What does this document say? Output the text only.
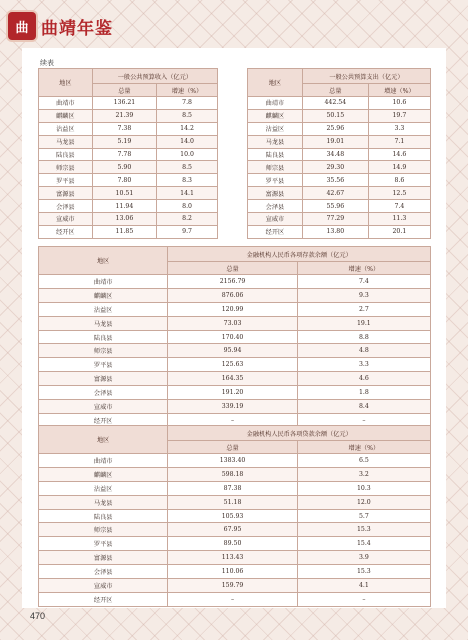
曲 曲靖年鉴
续表
地区	一般公共预算收入（亿元）	
	总量	增速（%）
曲靖市	136.21	7.8
麒麟区	21.39	8.5
沾益区	7.38	14.2
马龙县	5.19	14.0
陆良县	7.78	10.0
师宗县	5.90	8.5
罗平县	7.80	8.3
富源县	10.51	14.1
会泽县	11.94	8.0
宣威市	13.06	8.2
经开区	11.85	9.7
地区	一般公共预算支出（亿元）	
	总量	增速（%）
曲靖市	442.54	10.6
麒麟区	50.15	19.7
沾益区	25.96	3.3
马龙县	19.01	7.1
陆良县	34.48	14.6
师宗县	29.30	14.9
罗平县	35.56	8.6
富源县	42.67	12.5
会泽县	55.96	7.4
宣威市	77.29	11.3
经开区	13.80	20.1
地区	金融机构人民币各项存款余额（亿元）	
	总量	增速（%）
曲靖市	2156.79	7.4
麒麟区	876.06	9.3
沾益区	120.99	2.7
马龙县	73.03	19.1
陆良县	170.40	8.8
师宗县	95.94	4.8
罗平县	125.63	3.3
富源县	164.35	4.6
会泽县	191.20	1.8
宣威市	339.19	8.4
经开区	–	–
地区	金融机构人民币各项贷款余额（亿元）	
	总量	增速（%）
曲靖市	1383.40	6.5
麒麟区	598.18	3.2
沾益区	87.38	10.3
马龙县	51.18	12.0
陆良县	105.93	5.7
师宗县	67.95	15.3
罗平县	89.50	15.4
富源县	113.43	3.9
会泽县	110.06	15.3
宣威市	159.79	4.1
经开区	–	–
470
